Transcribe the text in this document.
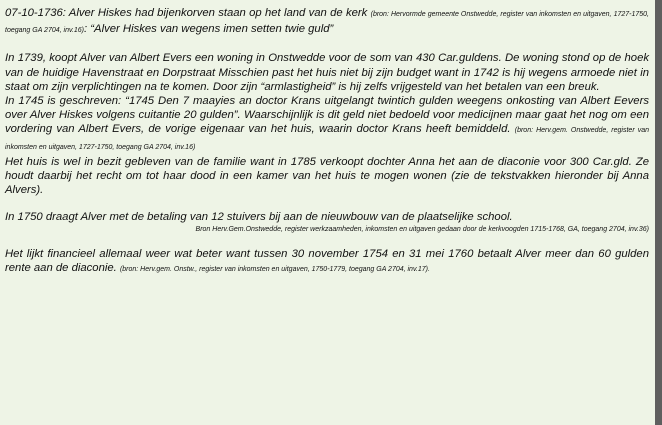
07-10-1736: Alver Hiskes had bijenkorven staan op het land van de kerk (bron: Hervormde gemeente Onstwedde, register van inkomsten en uitgaven, 1727-1750, toegang GA 2704, inv.16): “Alver Hiskes van wegens imen setten twie guld”

In 1739, koopt Alver van Albert Evers een woning in Onstwedde voor de som van 430 Car.guldens. De woning stond op de hoek van de huidige Havenstraat en Dorpstraat Misschien past het huis niet bij zijn budget want in 1742 is hij wegens armoede niet in staat om zijn verplichtingen na te komen. Door zijn “armlastigheid” is hij zelfs vrijgesteld van het betalen van een breuk.

In 1745 is geschreven: “1745 Den 7 maayies an doctor Krans uitgelangt twintich gulden weegens onkosting van Albert Eevers over Alver Hiskes volgens cuitantie 20 gulden”. Waarschijnlijk is dit geld niet bedoeld voor medicijnen maar gaat het nog om een vordering van Albert Evers, de vorige eigenaar van het huis, waarin doctor Krans heeft bemiddeld. (bron: Herv.gem. Onstwedde, register van inkomsten en uitgaven, 1727-1750, toegang GA 2704, inv.16)

Het huis is wel in bezit gebleven van de familie want in 1785 verkoopt dochter Anna het aan de diaconie voor 300 Car.gld. Ze houdt daarbij het recht om tot haar dood in een kamer van het huis te mogen wonen (zie de tekstvakken hieronder bij Anna Alvers).

In 1750 draagt Alver met de betaling van 12 stuivers bij aan de nieuwbouw van de plaatselijke school.
Bron Herv.Gem.Onstwedde, register werkzaamheden, inkomsten en uitgaven gedaan door de kerkvoogden 1715-1768, GA, toegang 2704, inv.36)

Het lijkt financieel allemaal weer wat beter want tussen 30 november 1754 en 31 mei 1760 betaalt Alver meer dan 60 gulden rente aan de diaconie. (bron: Herv.gem. Onstw., register van inkomsten en uitgaven, 1750-1779, toegang GA 2704, inv.17).
